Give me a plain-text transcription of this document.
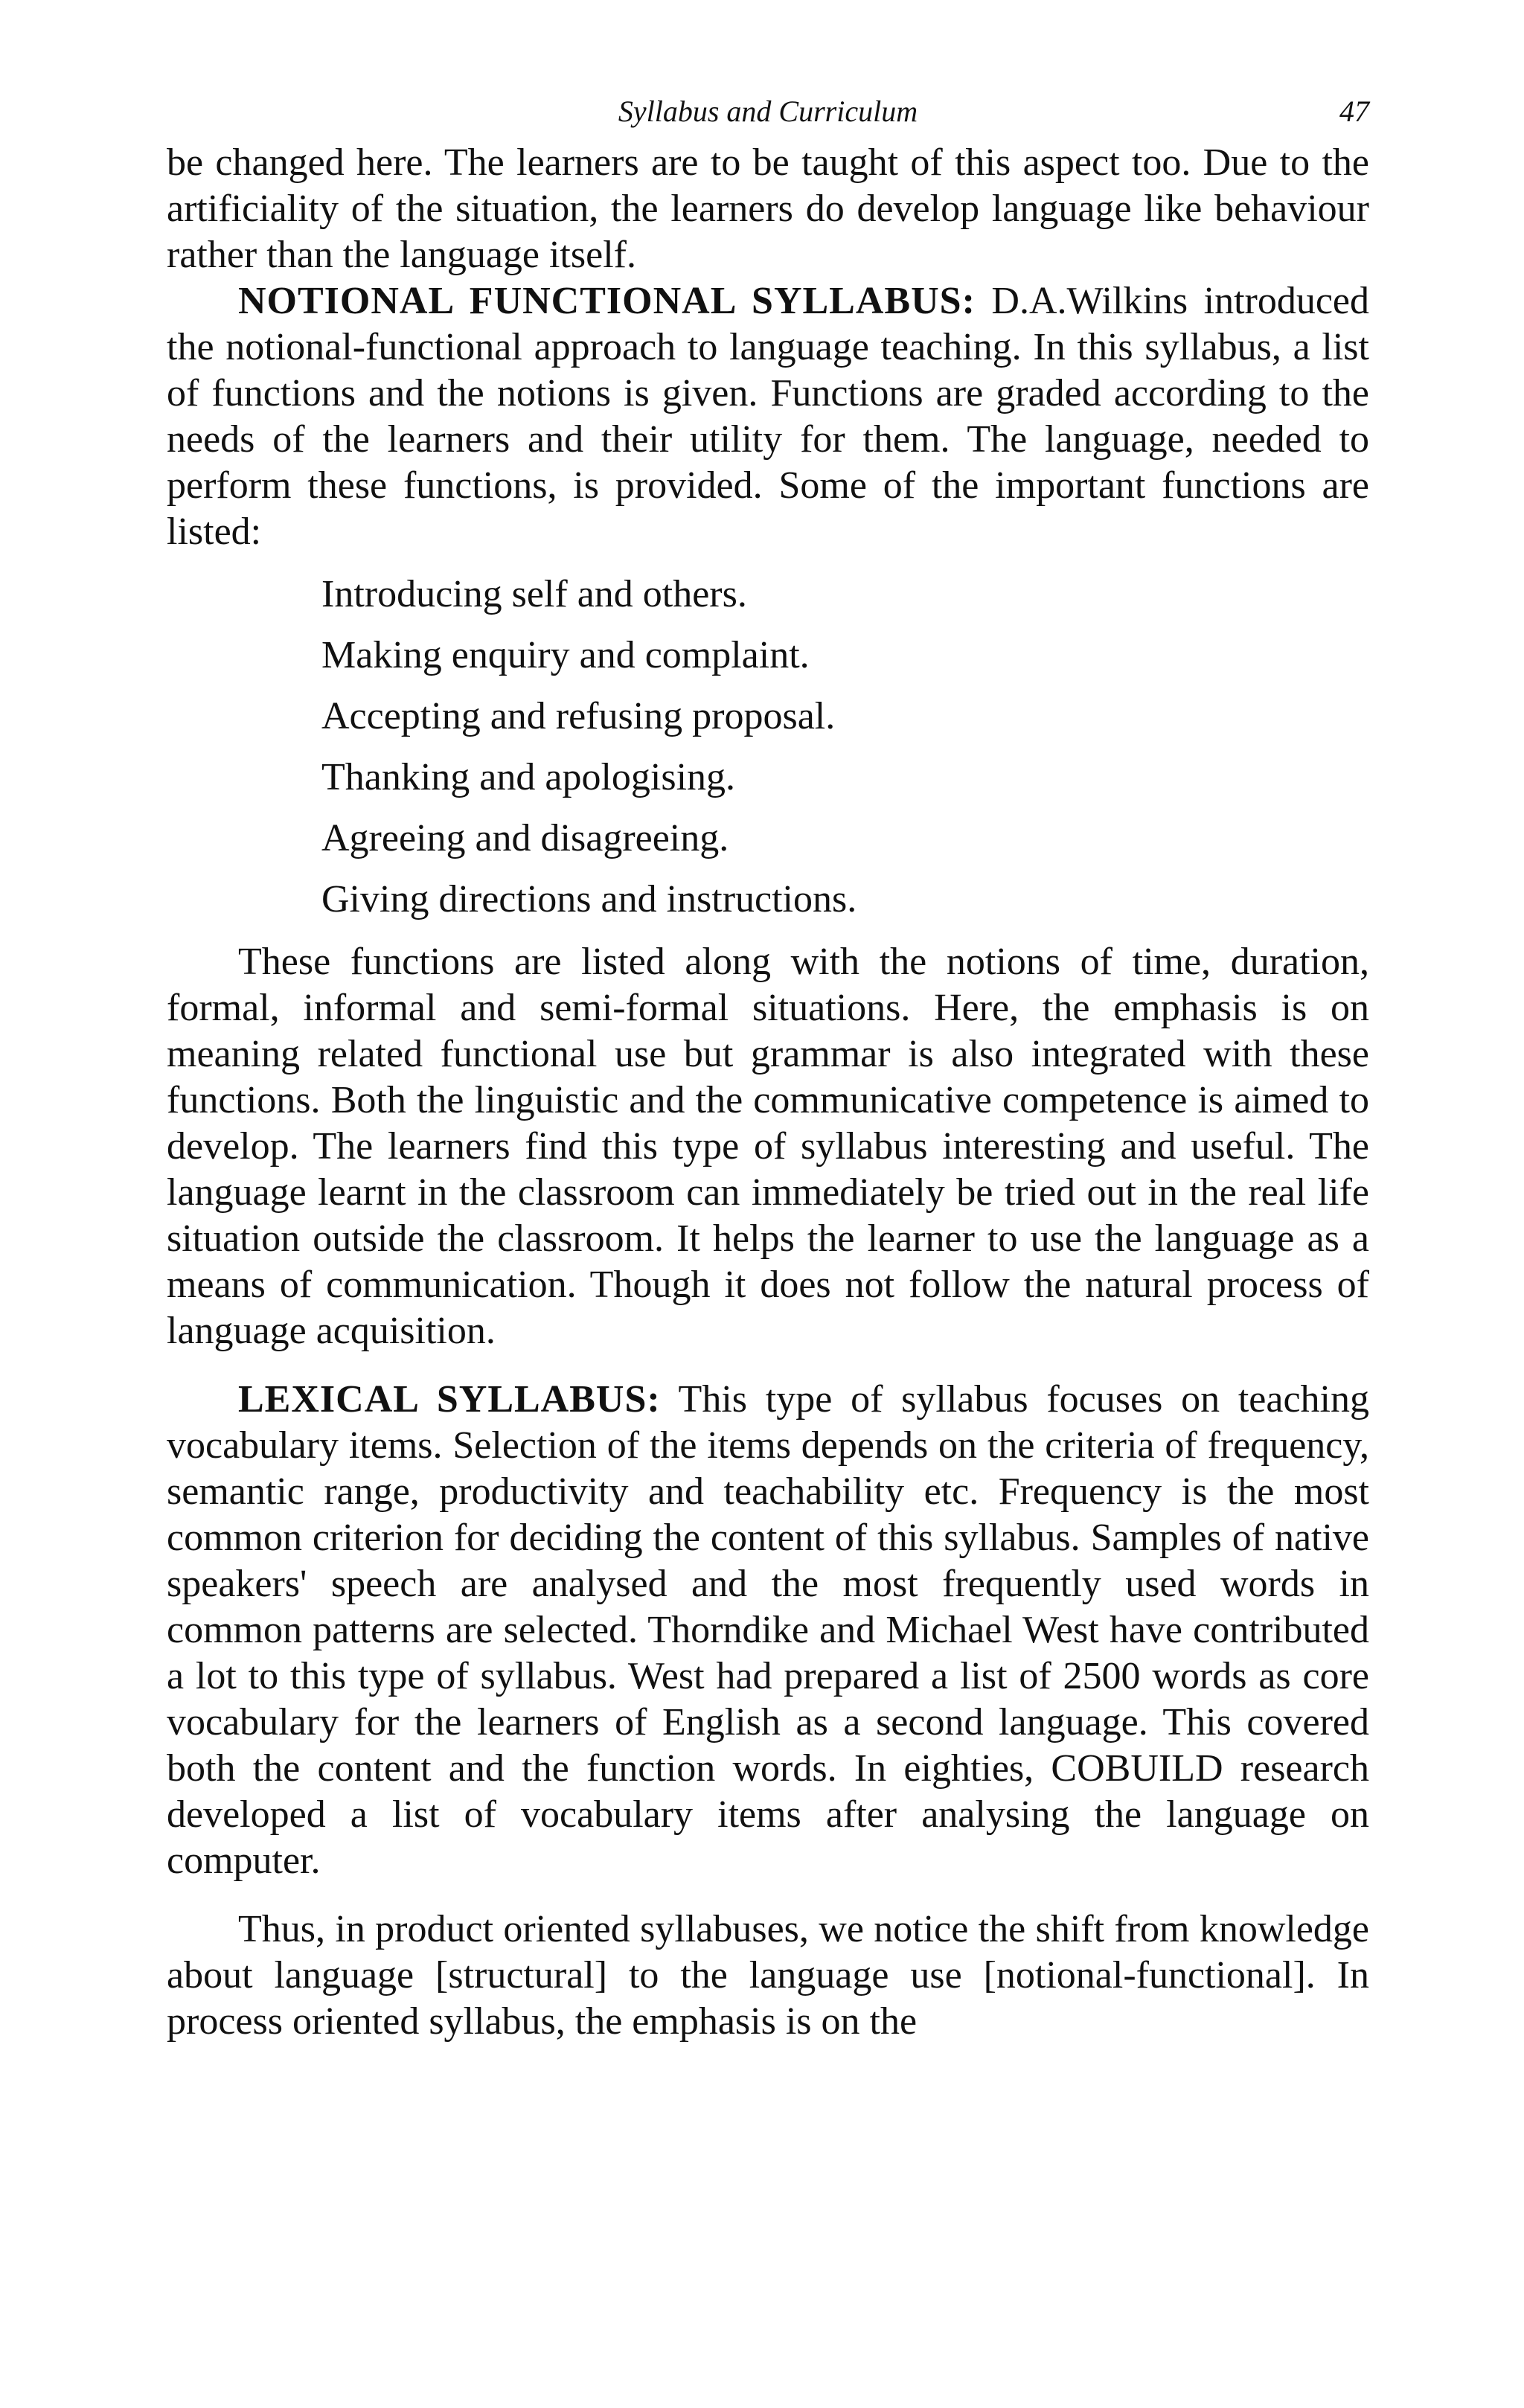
Syllabus and Curriculum	47

be changed here. The learners are to be taught of this aspect too. Due to the artificiality of the situation, the learners do develop language like behaviour rather than the language itself.

NOTIONAL FUNCTIONAL SYLLABUS: D.A.Wilkins introduced the notional-functional approach to language teaching. In this syllabus, a list of functions and the notions is given. Functions are graded according to the needs of the learners and their utility for them. The language, needed to perform these functions, is provided. Some of the important functions are listed:

Introducing self and others.
Making enquiry and complaint.
Accepting and refusing proposal.
Thanking and apologising.
Agreeing and disagreeing.
Giving directions and instructions.

These functions are listed along with the notions of time, duration, formal, informal and semi-formal situations. Here, the emphasis is on meaning related functional use but grammar is also integrated with these functions. Both the linguistic and the communicative competence is aimed to develop. The learners find this type of syllabus interesting and useful. The language learnt in the classroom can immediately be tried out in the real life situation outside the classroom. It helps the learner to use the language as a means of communication. Though it does not follow the natural process of language acquisition.

LEXICAL SYLLABUS: This type of syllabus focuses on teaching vocabulary items. Selection of the items depends on the criteria of frequency, semantic range, productivity and teachability etc. Frequency is the most common criterion for deciding the content of this syllabus. Samples of native speakers' speech are analysed and the most frequently used words in common patterns are selected. Thorndike and Michael West have contributed a lot to this type of syllabus. West had prepared a list of 2500 words as core vocabulary for the learners of English as a second language. This covered both the content and the function words. In eighties, COBUILD research developed a list of vocabulary items after analysing the language on computer.

Thus, in product oriented syllabuses, we notice the shift from knowledge about language [structural] to the language use [notional-functional]. In process oriented syllabus, the emphasis is on the
